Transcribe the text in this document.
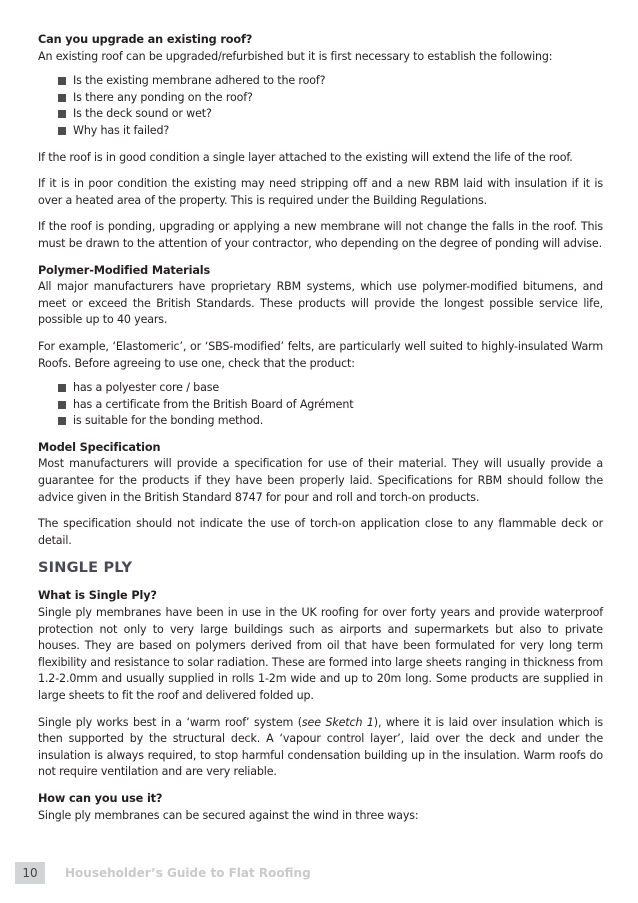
Can you upgrade an existing roof?

An existing roof can be upgraded/refurbished but it is first necessary to establish the following:

Is the existing membrane adhered to the roof?
Is there any ponding on the roof?
Is the deck sound or wet?
Why has it failed?

If the roof is in good condition a single layer attached to the existing will extend the life of the roof.

If it is in poor condition the existing may need stripping off and a new RBM laid with insulation if it is over a heated area of the property. This is required under the Building Regulations.

If the roof is ponding, upgrading or applying a new membrane will not change the falls in the roof. This must be drawn to the attention of your contractor, who depending on the degree of ponding will advise.

Polymer-Modified Materials

All major manufacturers have proprietary RBM systems, which use polymer-modified bitumens, and meet or exceed the British Standards. These products will provide the longest possible service life, possible up to 40 years.

For example, ‘Elastomeric’, or ‘SBS-modified’ felts, are particularly well suited to highly-insulated Warm Roofs. Before agreeing to use one, check that the product:

has a polyester core / base
has a certificate from the British Board of Agrément
is suitable for the bonding method.
Model Specification

Most manufacturers will provide a specification for use of their material. They will usually provide a guarantee for the products if they have been properly laid. Specifications for RBM should follow the advice given in the British Standard 8747 for pour and roll and torch-on products.

The specification should not indicate the use of torch-on application close to any flammable deck or detail.

SINGLE PLY
What is Single Ply?

Single ply membranes have been in use in the UK roofing for over forty years and provide waterproof protection not only to very large buildings such as airports and supermarkets but also to private houses. They are based on polymers derived from oil that have been formulated for very long term flexibility and resistance to solar radiation. These are formed into large sheets ranging in thickness from 1.2-2.0mm and usually supplied in rolls 1-2m wide and up to 20m long. Some products are supplied in large sheets to fit the roof and delivered folded up.

Single ply works best in a ‘warm roof’ system (see Sketch 1), where it is laid over insulation which is then supported by the structural deck. A ‘vapour control layer’, laid over the deck and under the insulation is always required, to stop harmful condensation building up in the insulation. Warm roofs do not require ventilation and are very reliable.

How can you use it?

Single ply membranes can be secured against the wind in three ways:

10	Householder’s Guide to Flat Roofing
